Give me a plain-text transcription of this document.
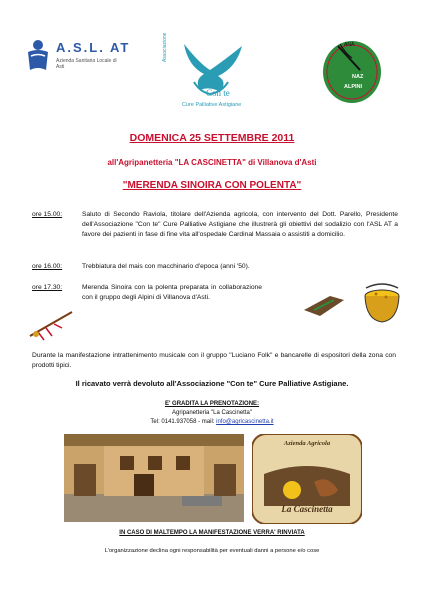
A.S.L. AT
Azienda Sanitaria Locale di Asti
Associazione
Con te
Cure Palliative Astigiane
ANA
NAZ
ALPINI
DOMENICA 25 SETTEMBRE 2011
all'Agripanetteria "LA CASCINETTA" di Villanova d'Asti
"MERENDA SINOIRA CON POLENTA"
ore 15.00:	Saluto di Secondo Raviola, titolare dell'Azienda agricola, con intervento del Dott. Parello, Presidente dell'Associazione "Con te" Cure Palliative Astigiane che illustrerà gli obiettivi del sodalizio con l'ASL AT a favore dei pazienti in fase di fine vita all'ospedale Cardinal Massaia o assistiti a domicilio.
ore 16.00:	Trebbiatura del mais con macchinario d'epoca (anni '50).
ore 17.30:	Merenda Sinoira con la polenta preparata in collaborazione con il gruppo degli Alpini di Villanova d'Asti.
Durante la manifestazione intrattenimento musicale con il gruppo "Luciano Folk" e bancarelle di espositori della zona con prodotti tipici.
Il ricavato verrà devoluto all'Associazione "Con te" Cure Palliative Astigiane.
E' GRADITA LA PRENOTAZIONE:
Agripanetteria "La Cascinetta"
Tel: 0141.937058 - mail: info@agricascinetta.it
Azienda Agricola
La Cascinetta
IN CASO DI MALTEMPO LA MANIFESTAZIONE VERRA' RINVIATA
L'organizzazione declina ogni responsabilità per eventuali danni a persone e/o cose
